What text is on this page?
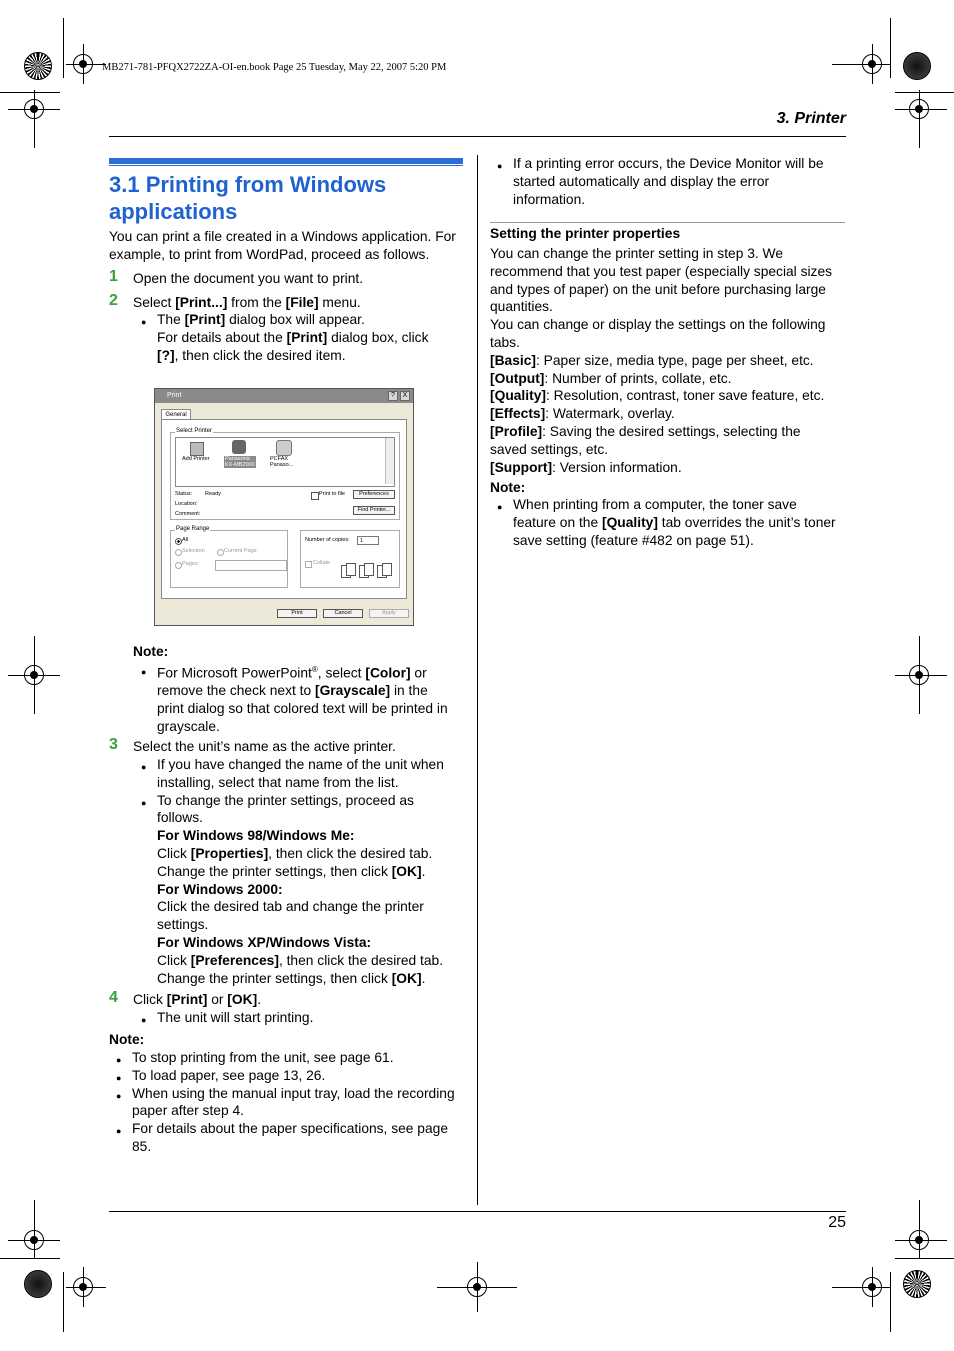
MB271-781-PFQX2722ZA-OI-en.book Page 25 Tuesday, May 22, 2007 5:20 PM
3. Printer
3.1 Printing from Windows
applications
You can print a file created in a Windows application. For
example, to print from WordPad, proceed as follows.
1 Open the document you want to print.
2 Select [Print...] from the [File] menu.
● The [Print] dialog box will appear.
For details about the [Print] dialog box, click
[?], then click the desired item.
Print	?	X
General
Select Printer
Add Printer	Panasonic
KX-MB2000
PCFAX
Panaso...
Status: Ready
Location:
Comment:
Print to file	Preferences
Find Printer...
Page Range
All
Selection	Current Page
Pages:
Number of copies:	1
Collate
Print	Cancel	Apply
Note:
● For Microsoft PowerPoint®, select [Color] or
remove the check next to [Grayscale] in the
print dialog so that colored text will be printed in
grayscale.
3 Select the unit’s name as the active printer.
● If you have changed the name of the unit when
installing, select that name from the list.
● To change the printer settings, proceed as
follows.
For Windows 98/Windows Me:
Click [Properties], then click the desired tab.
Change the printer settings, then click [OK].
For Windows 2000:
Click the desired tab and change the printer
settings.
For Windows XP/Windows Vista:
Click [Preferences], then click the desired tab.
Change the printer settings, then click [OK].
4 Click [Print] or [OK].
● The unit will start printing.
Note:
● To stop printing from the unit, see page 61.
● To load paper, see page 13, 26.
● When using the manual input tray, load the recording
paper after step 4.
● For details about the paper specifications, see page
85.
● If a printing error occurs, the Device Monitor will be
started automatically and display the error
information.
Setting the printer properties
You can change the printer setting in step 3. We
recommend that you test paper (especially special sizes
and types of paper) on the unit before purchasing large
quantities.
You can change or display the settings on the following
tabs.
[Basic]: Paper size, media type, page per sheet, etc.
[Output]: Number of prints, collate, etc.
[Quality]: Resolution, contrast, toner save feature, etc.
[Effects]: Watermark, overlay.
[Profile]: Saving the desired settings, selecting the
saved settings, etc.
[Support]: Version information.
Note:
● When printing from a computer, the toner save
feature on the [Quality] tab overrides the unit’s toner
save setting (feature #482 on page 51).
25
